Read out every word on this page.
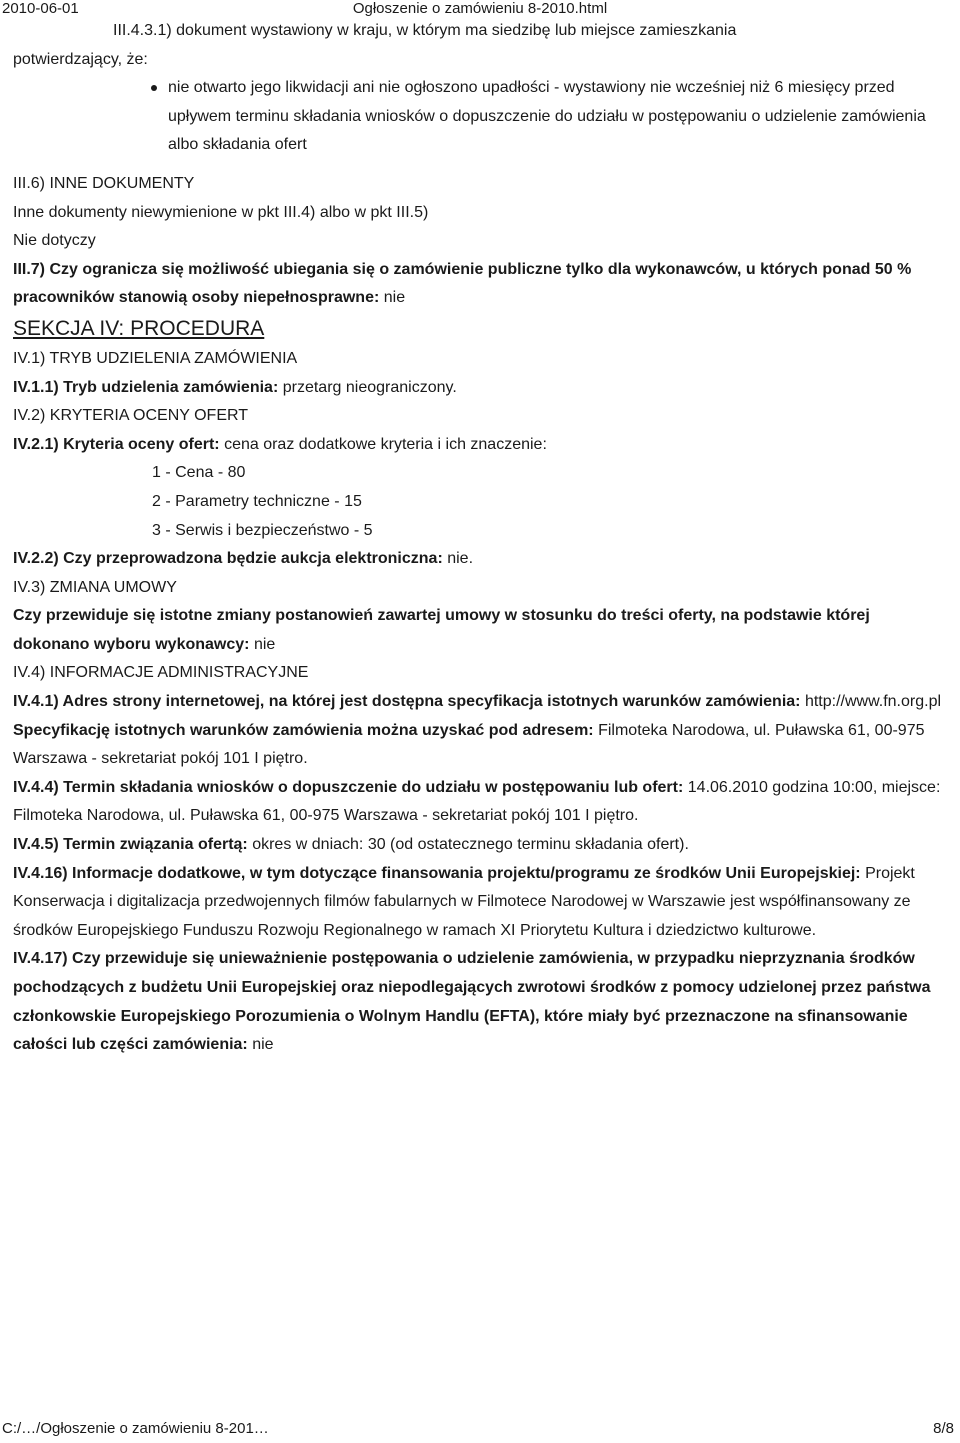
2010-06-01	Ogłoszenie o zamówieniu 8-2010.html

III.4.3.1) dokument wystawiony w kraju, w którym ma siedzibę lub miejsce zamieszkania

potwierdzający, że:

nie otwarto jego likwidacji ani nie ogłoszono upadłości - wystawiony nie wcześniej niż 6 miesięcy przed upływem terminu składania wniosków o dopuszczenie do udziału w postępowaniu o udzielenie zamówienia albo składania ofert

III.6) INNE DOKUMENTY

Inne dokumenty niewymienione w pkt III.4) albo w pkt III.5)

Nie dotyczy

III.7) Czy ogranicza się możliwość ubiegania się o zamówienie publiczne tylko dla wykonawców, u których ponad 50 % pracowników stanowią osoby niepełnosprawne: nie

SEKCJA IV: PROCEDURA

IV.1) TRYB UDZIELENIA ZAMÓWIENIA

IV.1.1) Tryb udzielenia zamówienia: przetarg nieograniczony.

IV.2) KRYTERIA OCENY OFERT

IV.2.1) Kryteria oceny ofert: cena oraz dodatkowe kryteria i ich znaczenie:

1 - Cena - 80

2 - Parametry techniczne - 15

3 - Serwis i bezpieczeństwo - 5

IV.2.2) Czy przeprowadzona będzie aukcja elektroniczna: nie.

IV.3) ZMIANA UMOWY

Czy przewiduje się istotne zmiany postanowień zawartej umowy w stosunku do treści oferty, na podstawie której dokonano wyboru wykonawcy: nie

IV.4) INFORMACJE ADMINISTRACYJNE

IV.4.1) Adres strony internetowej, na której jest dostępna specyfikacja istotnych warunków zamówienia: http://www.fn.org.pl

Specyfikację istotnych warunków zamówienia można uzyskać pod adresem: Filmoteka Narodowa, ul. Puławska 61, 00-975 Warszawa - sekretariat pokój 101 I piętro.

IV.4.4) Termin składania wniosków o dopuszczenie do udziału w postępowaniu lub ofert: 14.06.2010 godzina 10:00, miejsce: Filmoteka Narodowa, ul. Puławska 61, 00-975 Warszawa - sekretariat pokój 101 I piętro.

IV.4.5) Termin związania ofertą: okres w dniach: 30 (od ostatecznego terminu składania ofert).

IV.4.16) Informacje dodatkowe, w tym dotyczące finansowania projektu/programu ze środków Unii Europejskiej: Projekt Konserwacja i digitalizacja przedwojennych filmów fabularnych w Filmotece Narodowej w Warszawie jest współfinansowany ze środków Europejskiego Funduszu Rozwoju Regionalnego w ramach XI Priorytetu Kultura i dziedzictwo kulturowe.

IV.4.17) Czy przewiduje się unieważnienie postępowania o udzielenie zamówienia, w przypadku nieprzyznania środków pochodzących z budżetu Unii Europejskiej oraz niepodlegających zwrotowi środków z pomocy udzielonej przez państwa członkowskie Europejskiego Porozumienia o Wolnym Handlu (EFTA), które miały być przeznaczone na sfinansowanie całości lub części zamówienia: nie

C:/…/Ogłoszenie o zamówieniu 8-201…	8/8
